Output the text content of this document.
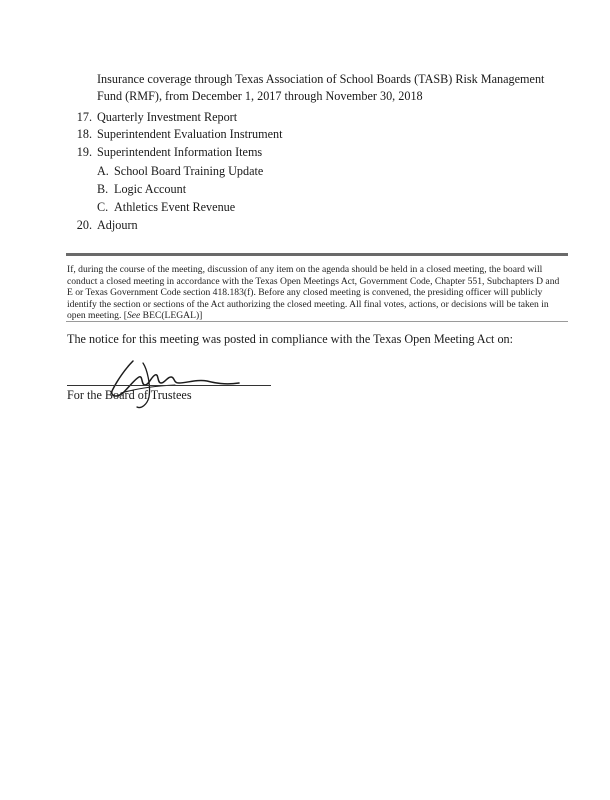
Insurance coverage through Texas Association of School Boards (TASB) Risk Management Fund (RMF), from December 1, 2017 through November 30, 2018
17. Quarterly Investment Report
18. Superintendent Evaluation Instrument
19. Superintendent Information Items
A. School Board Training Update
B. Logic Account
C. Athletics Event Revenue
20. Adjourn
If, during the course of the meeting, discussion of any item on the agenda should be held in a closed meeting, the board will conduct a closed meeting in accordance with the Texas Open Meetings Act, Government Code, Chapter 551, Subchapters D and E or Texas Government Code section 418.183(f). Before any closed meeting is convened, the presiding officer will publicly identify the section or sections of the Act authorizing the closed meeting. All final votes, actions, or decisions will be taken in open meeting. [See BEC(LEGAL)]
The notice for this meeting was posted in compliance with the Texas Open Meeting Act on:
For the Board of Trustees
